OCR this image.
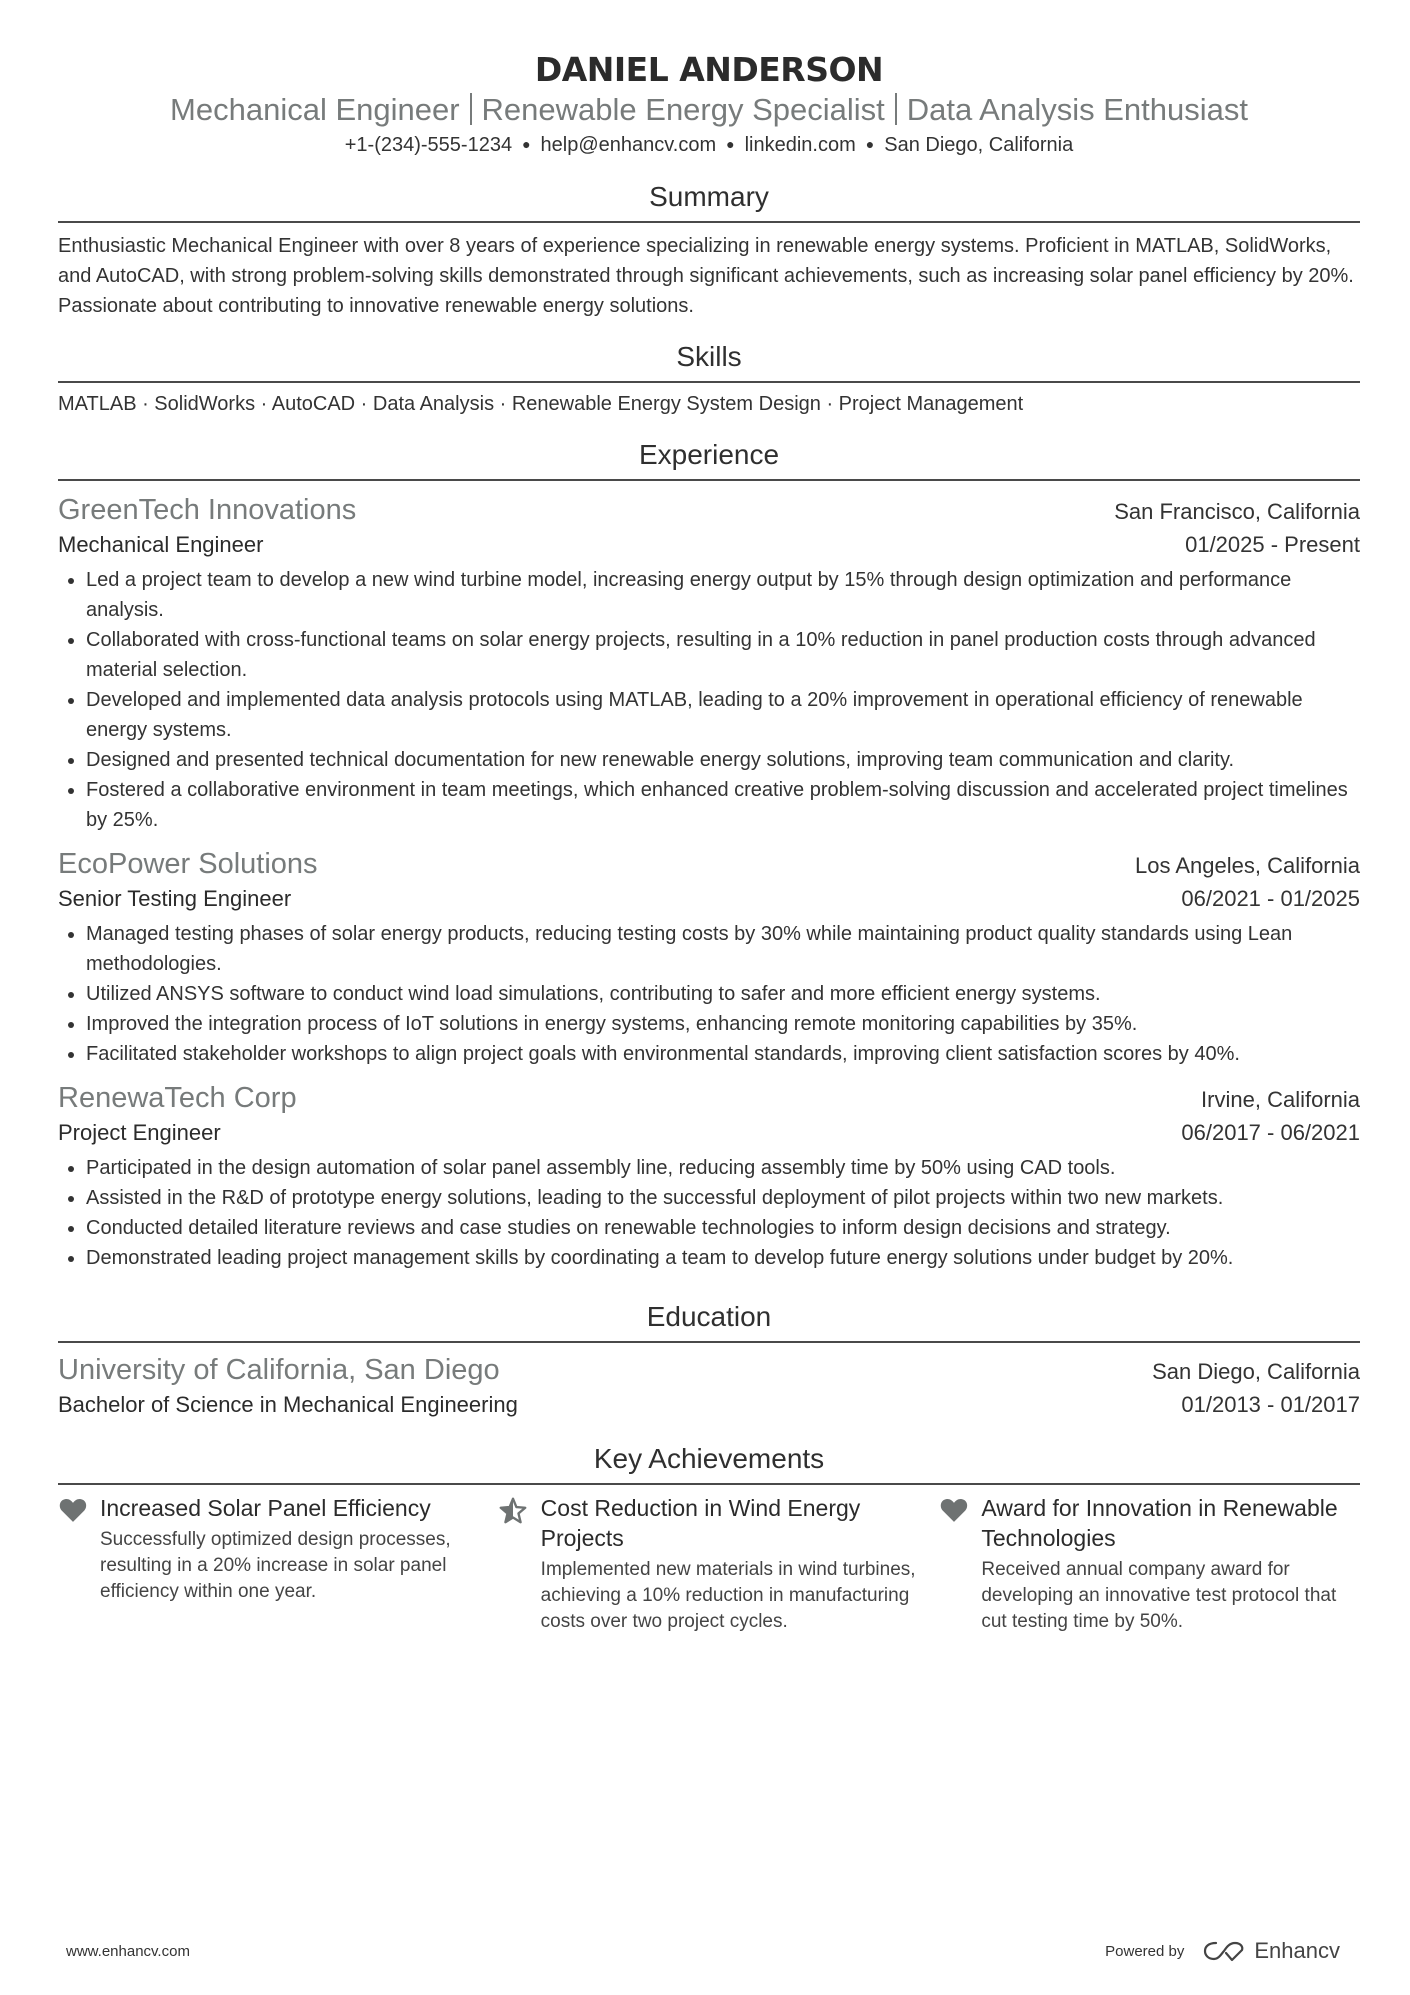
DANIEL ANDERSON
Mechanical Engineer Renewable Energy Specialist Data Analysis Enthusiast
+1-(234)-555-1234 ● help@enhancv.com ● linkedin.com ● San Diego, California
Summary
Enthusiastic Mechanical Engineer with over 8 years of experience specializing in renewable energy systems. Proficient in MATLAB, SolidWorks, and AutoCAD, with strong problem-solving skills demonstrated through significant achievements, such as increasing solar panel efficiency by 20%. Passionate about contributing to innovative renewable energy solutions.
Skills
MATLAB · SolidWorks · AutoCAD · Data Analysis · Renewable Energy System Design · Project Management
Experience
GreenTech Innovations	San Francisco, California
Mechanical Engineer	01/2025 - Present
• Led a project team to develop a new wind turbine model, increasing energy output by 15% through design optimization and performance analysis.
• Collaborated with cross-functional teams on solar energy projects, resulting in a 10% reduction in panel production costs through advanced material selection.
• Developed and implemented data analysis protocols using MATLAB, leading to a 20% improvement in operational efficiency of renewable energy systems.
• Designed and presented technical documentation for new renewable energy solutions, improving team communication and clarity.
• Fostered a collaborative environment in team meetings, which enhanced creative problem-solving discussion and accelerated project timelines by 25%.
EcoPower Solutions	Los Angeles, California
Senior Testing Engineer	06/2021 - 01/2025
• Managed testing phases of solar energy products, reducing testing costs by 30% while maintaining product quality standards using Lean methodologies.
• Utilized ANSYS software to conduct wind load simulations, contributing to safer and more efficient energy systems.
• Improved the integration process of IoT solutions in energy systems, enhancing remote monitoring capabilities by 35%.
• Facilitated stakeholder workshops to align project goals with environmental standards, improving client satisfaction scores by 40%.
RenewaTech Corp	Irvine, California
Project Engineer	06/2017 - 06/2021
• Participated in the design automation of solar panel assembly line, reducing assembly time by 50% using CAD tools.
• Assisted in the R&D of prototype energy solutions, leading to the successful deployment of pilot projects within two new markets.
• Conducted detailed literature reviews and case studies on renewable technologies to inform design decisions and strategy.
• Demonstrated leading project management skills by coordinating a team to develop future energy solutions under budget by 20%.
Education
University of California, San Diego	San Diego, California
Bachelor of Science in Mechanical Engineering	01/2013 - 01/2017
Key Achievements
Increased Solar Panel Efficiency
Successfully optimized design processes, resulting in a 20% increase in solar panel efficiency within one year.
Cost Reduction in Wind Energy Projects
Implemented new materials in wind turbines, achieving a 10% reduction in manufacturing costs over two project cycles.
Award for Innovation in Renewable Technologies
Received annual company award for developing an innovative test protocol that cut testing time by 50%.
www.enhancv.com	Powered by	Enhancv
